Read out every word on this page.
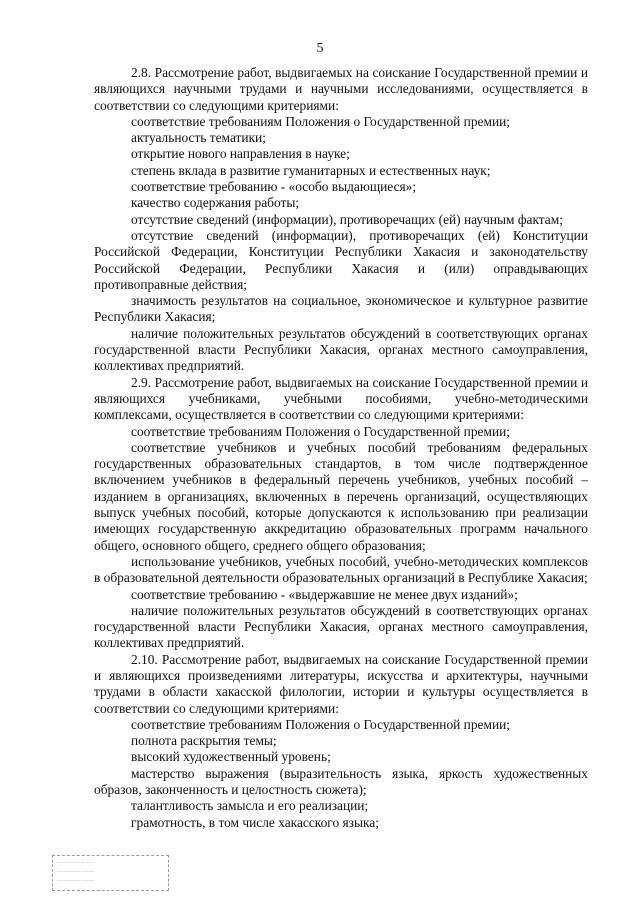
5

2.8. Рассмотрение работ, выдвигаемых на соискание Государственной премии и являющихся научными трудами и научными исследованиями, осуществляется в соответствии со следующими критериями:

соответствие требованиям Положения о Государственной премии;

актуальность тематики;

открытие нового направления в науке;

степень вклада в развитие гуманитарных и естественных наук;

соответствие требованию - «особо выдающиеся»;

качество содержания работы;

отсутствие сведений (информации), противоречащих (ей) научным фактам;

отсутствие сведений (информации), противоречащих (ей) Конституции Российской Федерации, Конституции Республики Хакасия и законодательству Российской Федерации, Республики Хакасия и (или) оправдывающих противоправные действия;

значимость результатов на социальное, экономическое и культурное развитие Республики Хакасия;

наличие положительных результатов обсуждений в соответствующих органах государственной власти Республики Хакасия, органах местного самоуправления, коллективах предприятий.

2.9. Рассмотрение работ, выдвигаемых на соискание Государственной премии и являющихся учебниками, учебными пособиями, учебно-методическими комплексами, осуществляется в соответствии со следующими критериями:

соответствие требованиям Положения о Государственной премии;

соответствие учебников и учебных пособий требованиям федеральных государственных образовательных стандартов, в том числе подтвержденное включением учебников в федеральный перечень учебников, учебных пособий – изданием в организациях, включенных в перечень организаций, осуществляющих выпуск учебных пособий, которые допускаются к использованию при реализации имеющих государственную аккредитацию образовательных программ начального общего, основного общего, среднего общего образования;

использование учебников, учебных пособий, учебно-методических комплексов в образовательной деятельности образовательных организаций в Республике Хакасия;

соответствие требованию - «выдержавшие не менее двух изданий»;

наличие положительных результатов обсуждений в соответствующих органах государственной власти Республики Хакасия, органах местного самоуправления, коллективах предприятий.

2.10. Рассмотрение работ, выдвигаемых на соискание Государственной премии и являющихся произведениями литературы, искусства и архитектуры, научными трудами в области хакасской филологии, истории и культуры осуществляется в соответствии со следующими критериями:

соответствие требованиям Положения о Государственной премии;

полнота раскрытия темы;

высокий художественный уровень;

мастерство выражения (выразительность языка, яркость художественных образов, законченность и целостность сюжета);

талантливость замысла и его реализации;

грамотность, в том числе хакасского языка;

......................
......................
......................
